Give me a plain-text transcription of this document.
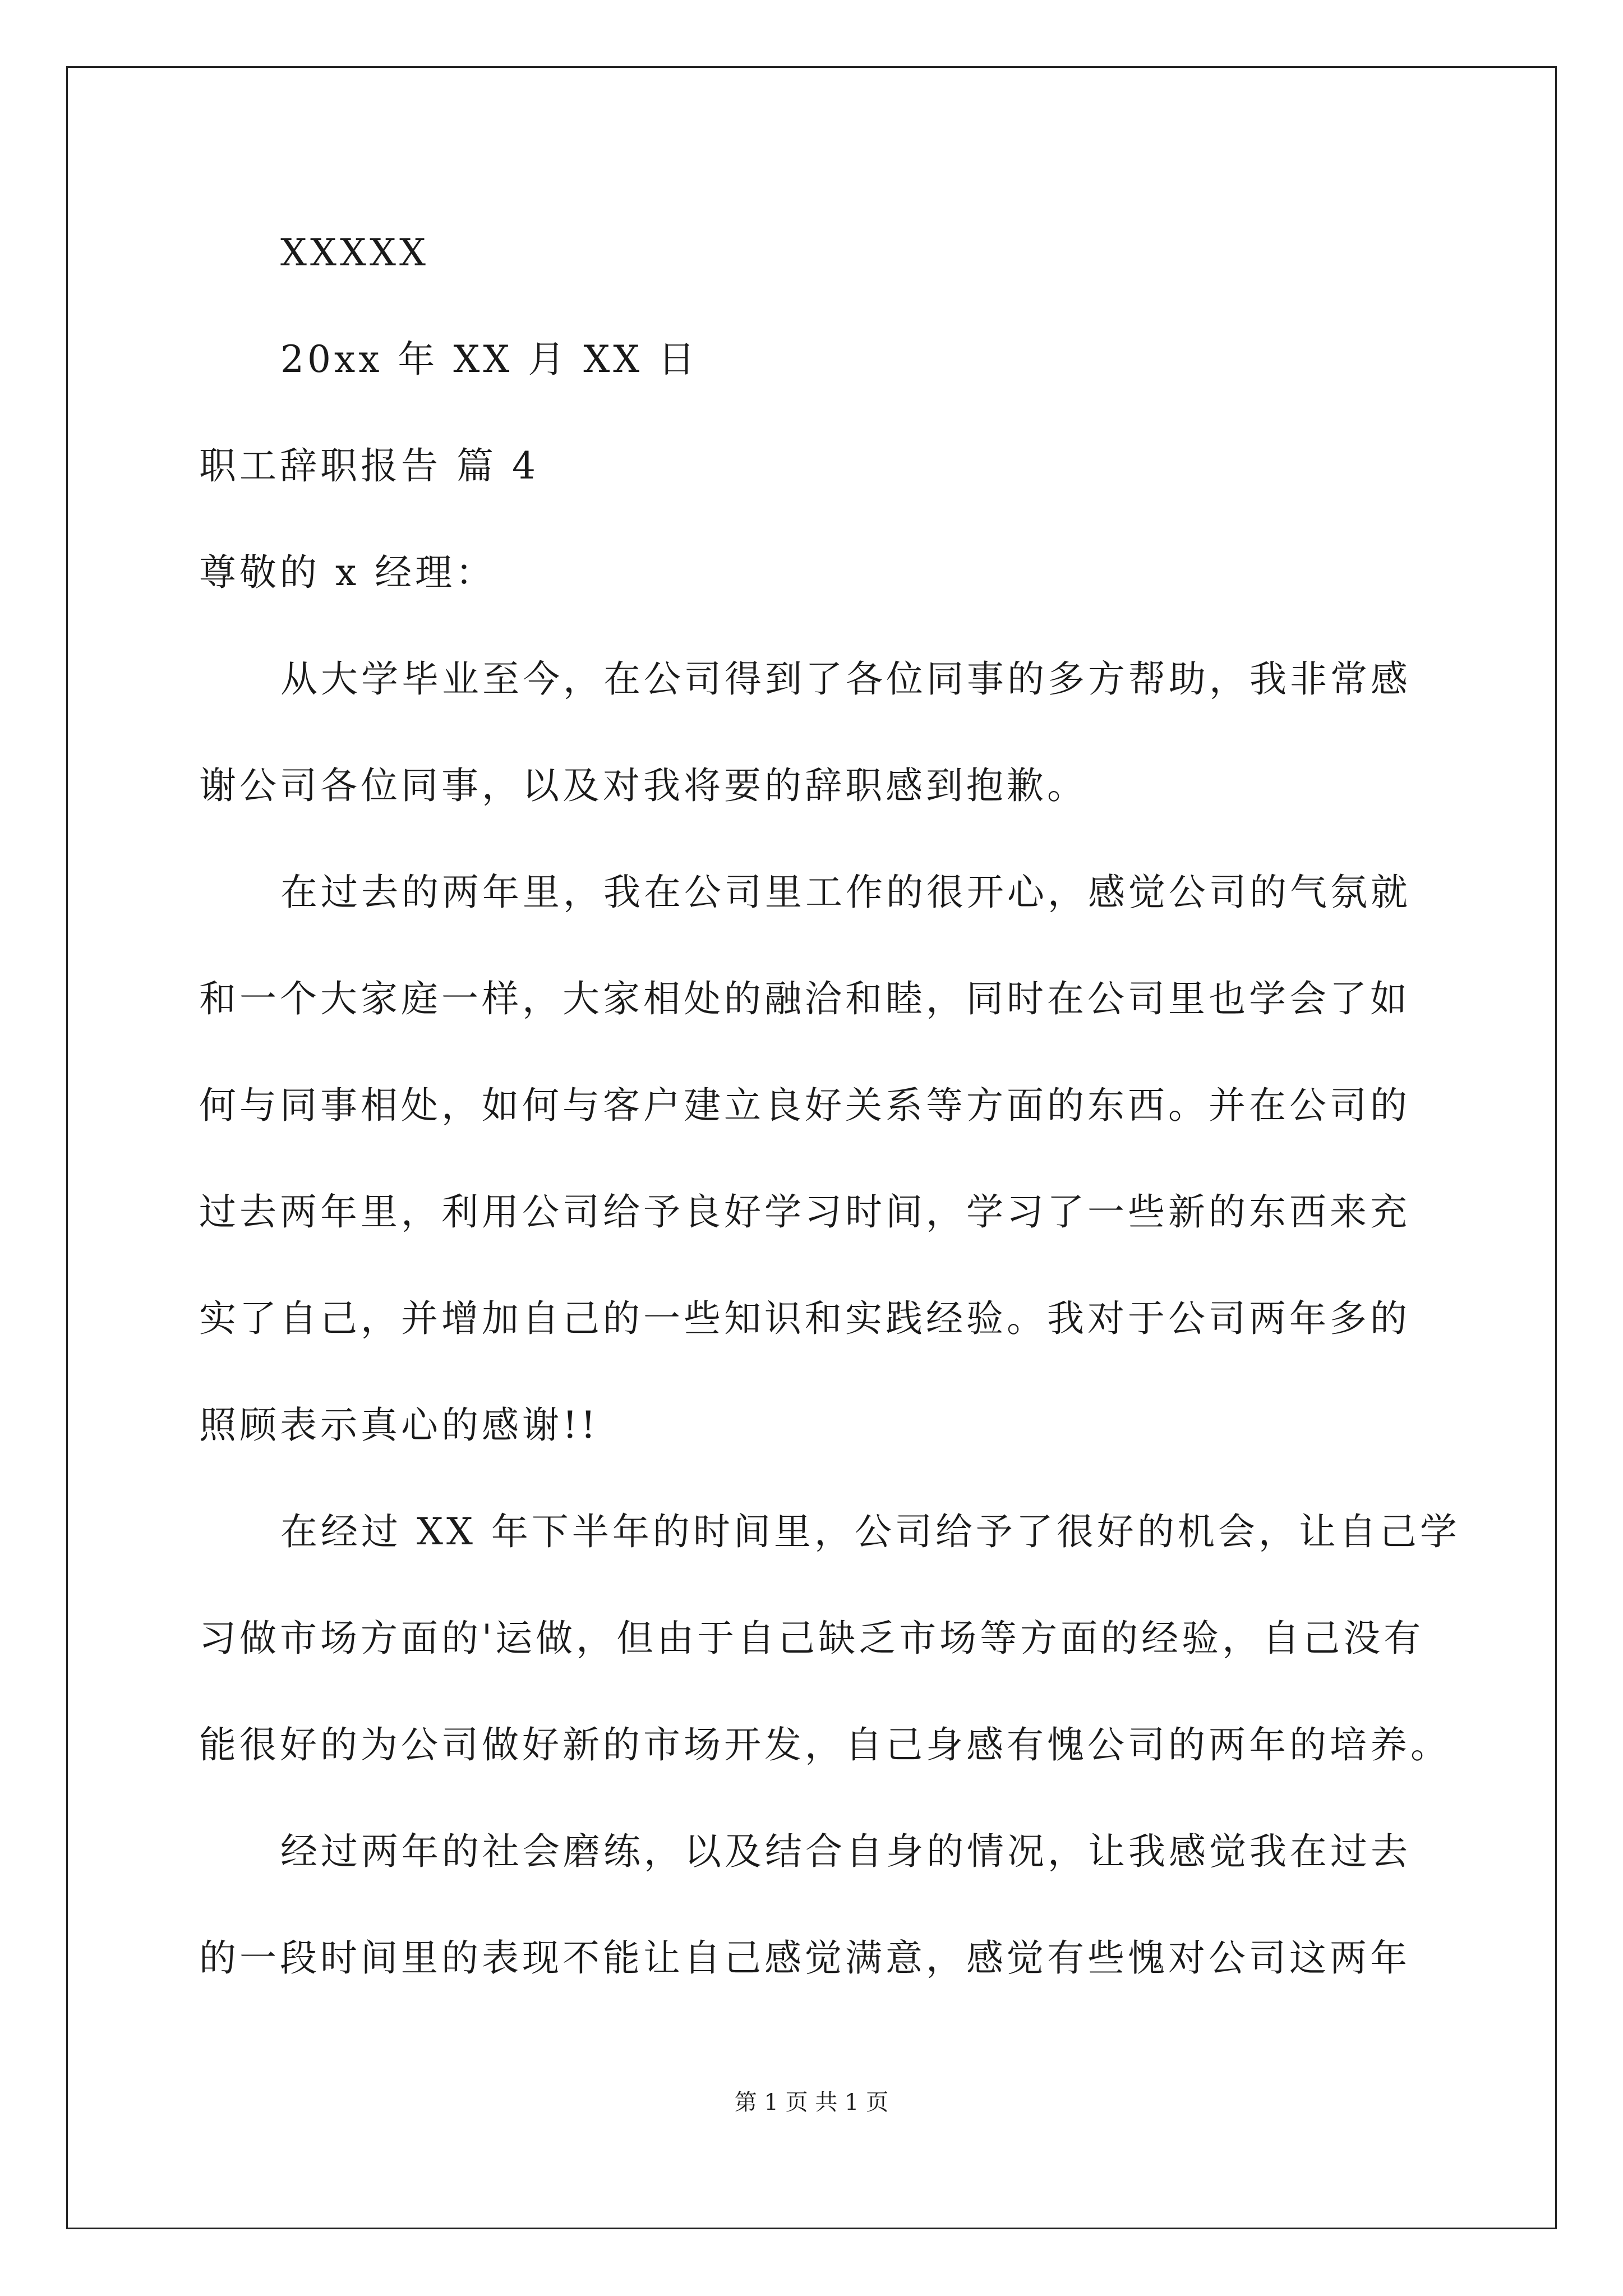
XXXXX
20xx 年 XX 月 XX 日
职工辞职报告 篇 4
尊敬的 x 经理：
从大学毕业至今，在公司得到了各位同事的多方帮助，我非常感
谢公司各位同事，以及对我将要的辞职感到抱歉。
在过去的两年里，我在公司里工作的很开心，感觉公司的气氛就
和一个大家庭一样，大家相处的融洽和睦，同时在公司里也学会了如
何与同事相处，如何与客户建立良好关系等方面的东西。并在公司的
过去两年里，利用公司给予良好学习时间，学习了一些新的东西来充
实了自己，并增加自己的一些知识和实践经验。我对于公司两年多的
照顾表示真心的感谢!!
在经过 XX 年下半年的时间里，公司给予了很好的机会，让自己学
习做市场方面的'运做，但由于自己缺乏市场等方面的经验，自己没有
能很好的为公司做好新的市场开发，自己身感有愧公司的两年的培养。
经过两年的社会磨练，以及结合自身的情况，让我感觉我在过去
的一段时间里的表现不能让自己感觉满意，感觉有些愧对公司这两年
第 1 页 共 1 页
